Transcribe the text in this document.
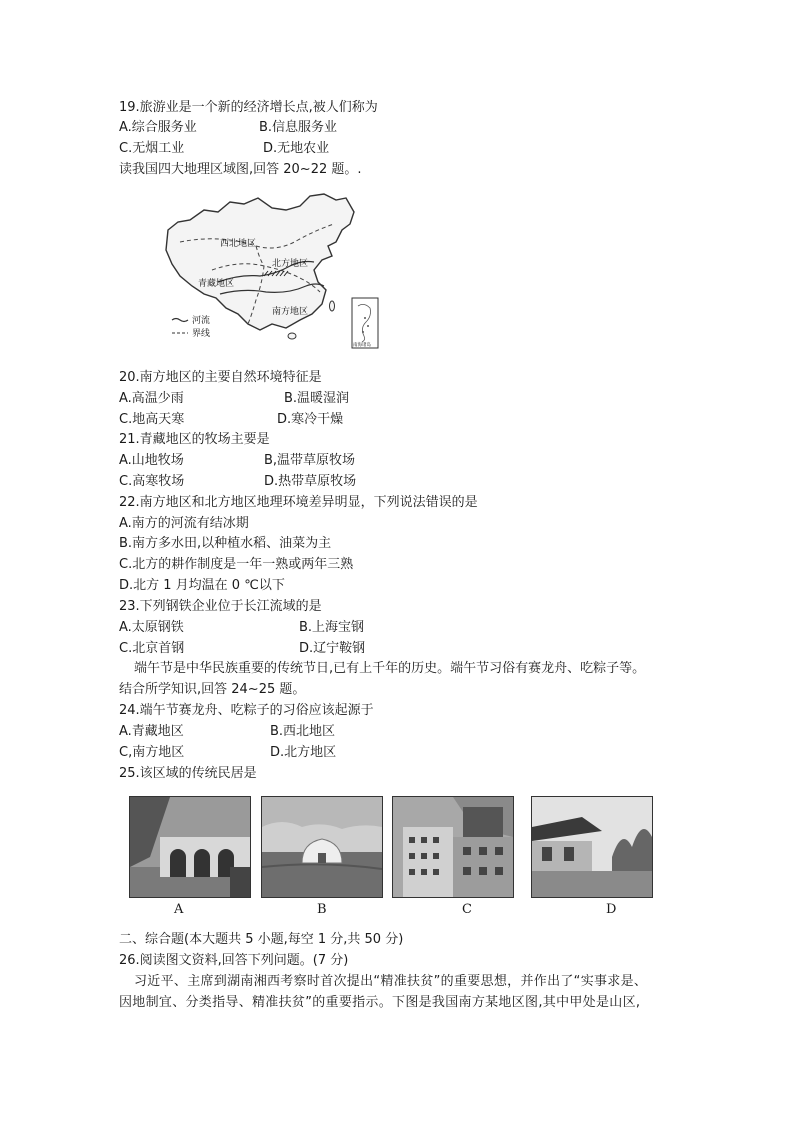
19.旅游业是一个新的经济增长点,被人们称为
A.综合服务业	B.信息服务业
C.无烟工业	D.无地农业
读我国四大地理区域图,回答 20~22 题。.
西北地区
北方地区
青藏地区
南方地区
南海诸岛
河流
界线
20.南方地区的主要自然环境特征是
A.高温少雨	B.温暖湿润
C.地高天寒	D.寒冷干燥
21.青藏地区的牧场主要是
A.山地牧场	B,温带草原牧场
C.高寒牧场	D.热带草原牧场
22.南方地区和北方地区地理环境差异明显，下列说法错误的是
A.南方的河流有结冰期
B.南方多水田,以种植水稻、油菜为主
C.北方的耕作制度是一年一熟或两年三熟
D.北方 1 月均温在 0 ℃以下
23.下列钢铁企业位于长江流域的是
A.太原钢铁	B.上海宝钢
C.北京首钢	D.辽宁鞍钢
端午节是中华民族重要的传统节日,已有上千年的历史。端午节习俗有赛龙舟、吃粽子等。
结合所学知识,回答 24~25 题。
24.端午节赛龙舟、吃粽子的习俗应该起源于
A.青藏地区	B.西北地区
C,南方地区	D.北方地区
25.该区域的传统民居是
A	B	C	D
二、综合题(本大题共 5 小题,每空 1 分,共 50 分)
26.阅读图文资料,回答下列问题。(7 分)
习近平、主席到湖南湘西考察时首次提出“精准扶贫”的重要思想，并作出了“实事求是、
因地制宜、分类指导、精准扶贫”的重要指示。下图是我国南方某地区图,其中甲处是山区,
